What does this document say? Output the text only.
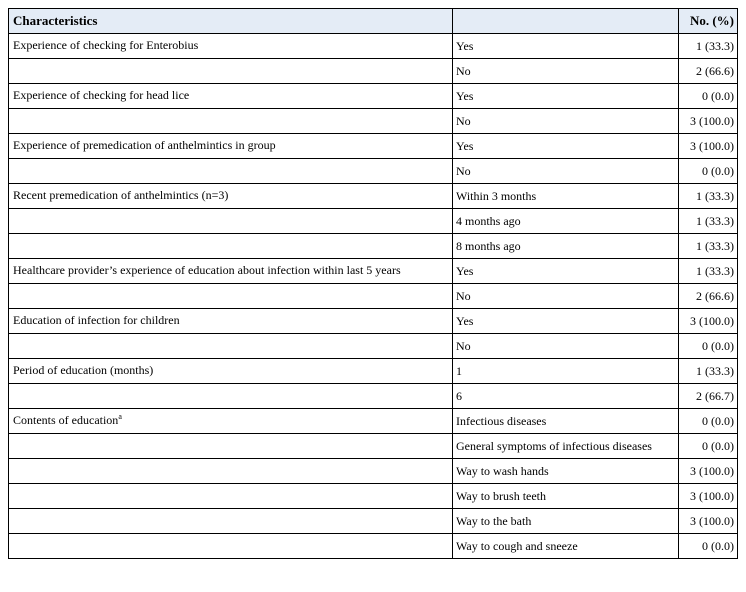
Characteristics		No. (%)
Experience of checking for Enterobius	Yes	1 (33.3)
	No	2 (66.6)
Experience of checking for head lice	Yes	0 (0.0)
	No	3 (100.0)
Experience of premedication of anthelmintics in group	Yes	3 (100.0)
	No	0 (0.0)
Recent premedication of anthelmintics (n=3)	Within 3 months	1 (33.3)
	4 months ago	1 (33.3)
	8 months ago	1 (33.3)
Healthcare provider’s experience of education about infection within last 5 years	Yes	1 (33.3)
	No	2 (66.6)
Education of infection for children	Yes	3 (100.0)
	No	0 (0.0)
Period of education (months)	1	1 (33.3)
	6	2 (66.7)
Contents of education$^a$	Infectious diseases	0 (0.0)
	General symptoms of infectious diseases	0 (0.0)
	Way to wash hands	3 (100.0)
	Way to brush teeth	3 (100.0)
	Way to the bath	3 (100.0)
	Way to cough and sneeze	0 (0.0)
